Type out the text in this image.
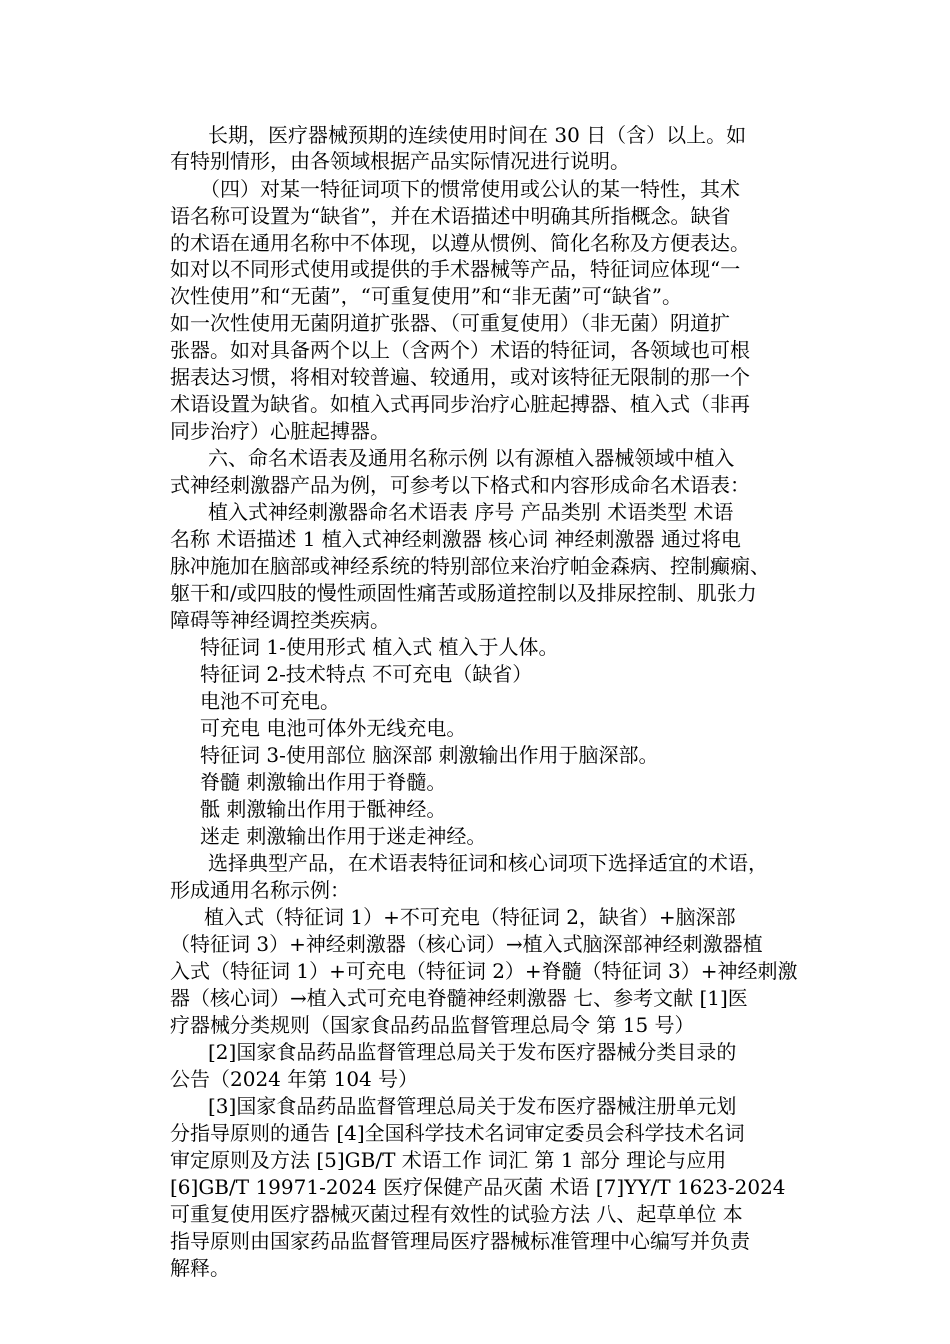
长期，医疗器械预期的连续使用时间在 30 日（含）以上。如
有特别情形，由各领域根据产品实际情况进行说明。
（四）对某一特征词项下的惯常使用或公认的某一特性，其术
语名称可设置为“缺省”，并在术语描述中明确其所指概念。缺省
的术语在通用名称中不体现，以遵从惯例、简化名称及方便表达。
如对以不同形式使用或提供的手术器械等产品，特征词应体现“一
次性使用”和“无菌”，“可重复使用”和“非无菌”可“缺省”。
如一次性使用无菌阴道扩张器、（可重复使用）（非无菌）阴道扩
张器。如对具备两个以上（含两个）术语的特征词，各领域也可根
据表达习惯，将相对较普遍、较通用，或对该特征无限制的那一个
术语设置为缺省。如植入式再同步治疗心脏起搏器、植入式（非再
同步治疗）心脏起搏器。
六、命名术语表及通用名称示例 以有源植入器械领域中植入
式神经刺激器产品为例，可参考以下格式和内容形成命名术语表：
植入式神经刺激器命名术语表 序号 产品类别 术语类型 术语
名称 术语描述 1 植入式神经刺激器 核心词 神经刺激器 通过将电
脉冲施加在脑部或神经系统的特别部位来治疗帕金森病、控制癫痫、
躯干和/或四肢的慢性顽固性痛苦或肠道控制以及排尿控制、肌张力
障碍等神经调控类疾病。
特征词 1-使用形式 植入式 植入于人体。
特征词 2-技术特点 不可充电（缺省）
电池不可充电。
可充电 电池可体外无线充电。
特征词 3-使用部位 脑深部 刺激输出作用于脑深部。
脊髓 刺激输出作用于脊髓。
骶 刺激输出作用于骶神经。
迷走 刺激输出作用于迷走神经。
选择典型产品，在术语表特征词和核心词项下选择适宜的术语，
形成通用名称示例：
植入式（特征词 1）+不可充电（特征词 2，缺省）+脑深部
（特征词 3）+神经刺激器（核心词）→植入式脑深部神经刺激器植
入式（特征词 1）+可充电（特征词 2）+脊髓（特征词 3）+神经刺激
器（核心词）→植入式可充电脊髓神经刺激器 七、参考文献 [1]医
疗器械分类规则（国家食品药品监督管理总局令 第 15 号）
[2]国家食品药品监督管理总局关于发布医疗器械分类目录的
公告（2024 年第 104 号）
[3]国家食品药品监督管理总局关于发布医疗器械注册单元划
分指导原则的通告 [4]全国科学技术名词审定委员会科学技术名词
审定原则及方法 [5]GB/T 术语工作 词汇 第 1 部分 理论与应用
[6]GB/T 19971-2024 医疗保健产品灭菌 术语 [7]YY/T 1623-2024
可重复使用医疗器械灭菌过程有效性的试验方法 八、起草单位 本
指导原则由国家药品监督管理局医疗器械标准管理中心编写并负责
解释。
